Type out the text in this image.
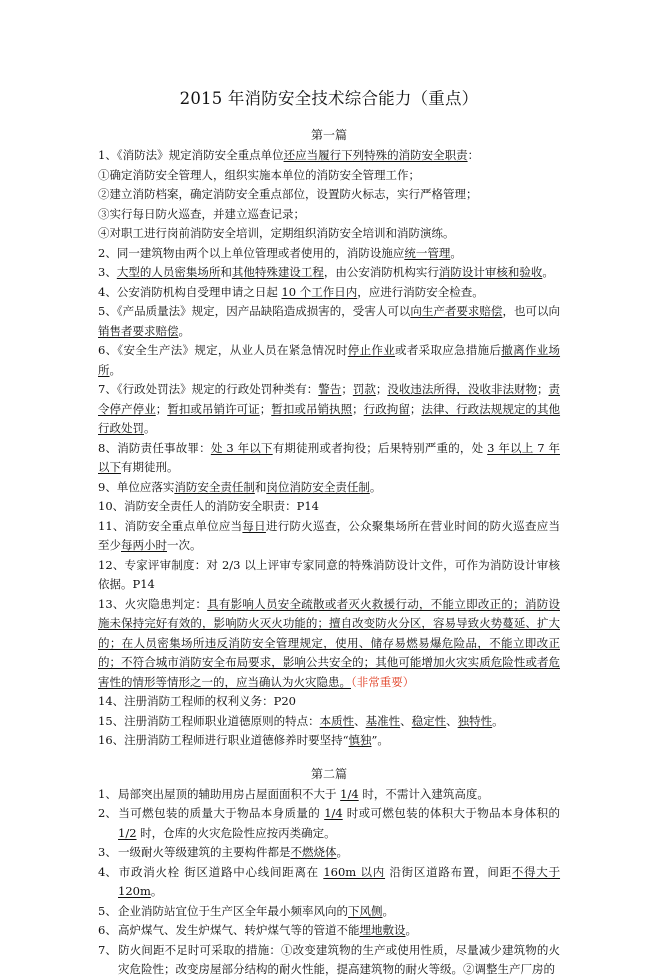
2015 年消防安全技术综合能力（重点）
第一篇

1、《消防法》规定消防安全重点单位还应当履行下列特殊的消防安全职责：

①确定消防安全管理人，组织实施本单位的消防安全管理工作；

②建立消防档案，确定消防安全重点部位，设置防火标志，实行严格管理；

③实行每日防火巡查，并建立巡查记录；

④对职工进行岗前消防安全培训，定期组织消防安全培训和消防演练。

2、同一建筑物由两个以上单位管理或者使用的，消防设施应统一管理。

3、大型的人员密集场所和其他特殊建设工程，由公安消防机构实行消防设计审核和验收。

4、公安消防机构自受理申请之日起 10 个工作日内，应进行消防安全检查。

5、《产品质量法》规定，因产品缺陷造成损害的，受害人可以向生产者要求赔偿，也可以向销售者要求赔偿。

6、《安全生产法》规定，从业人员在紧急情况时停止作业或者采取应急措施后撤离作业场所。

7、《行政处罚法》规定的行政处罚种类有：警告；罚款；没收违法所得，没收非法财物；责令停产停业；暂扣或吊销许可证；暂扣或吊销执照；行政拘留；法律、行政法规规定的其他行政处罚。

8、消防责任事故罪：处 3 年以下有期徒刑或者拘役；后果特别严重的，处 3 年以上 7 年以下有期徒刑。

9、单位应落实消防安全责任制和岗位消防安全责任制。

10、消防安全责任人的消防安全职责：P14

11、消防安全重点单位应当每日进行防火巡查，公众聚集场所在营业时间的防火巡查应当至少每两小时一次。

12、专家评审制度：对 2/3 以上评审专家同意的特殊消防设计文件，可作为消防设计审核依据。P14

13、火灾隐患判定：具有影响人员安全疏散或者灭火救援行动，不能立即改正的；消防设施未保持完好有效的，影响防火灭火功能的；擅自改变防火分区，容易导致火势蔓延、扩大的；在人员密集场所违反消防安全管理规定，使用、储存易燃易爆危险品，不能立即改正的；不符合城市消防安全布局要求，影响公共安全的；其他可能增加火灾实质危险性或者危害性的情形等情形之一的，应当确认为火灾隐患。（非常重要）

14、注册消防工程师的权利义务：P20

15、注册消防工程师职业道德原则的特点：本质性、基准性、稳定性、独特性。

16、注册消防工程师进行职业道德修养时要坚持“慎独”。

第二篇

1、局部突出屋顶的辅助用房占屋面面积不大于 1/4 时，不需计入建筑高度。

2、当可燃包装的质量大于物品本身质量的 1/4 时或可燃包装的体积大于物品本身体积的 1/2 时，仓库的火灾危险性应按丙类确定。

3、一级耐火等级建筑的主要构件都是不燃烧体。

4、市政消火栓 街区道路中心线间距离在 160m 以内 沿街区道路布置，间距不得大于 120m。

5、企业消防站宜位于生产区全年最小频率风向的下风侧。

6、高炉煤气、发生炉煤气、转炉煤气等的管道不能埋地敷设。

7、防火间距不足时可采取的措施：①改变建筑物的生产或使用性质，尽量减少建筑物的火灾危险性；改变房屋部分结构的耐火性能，提高建筑物的耐火等级。②调整生产厂房的
